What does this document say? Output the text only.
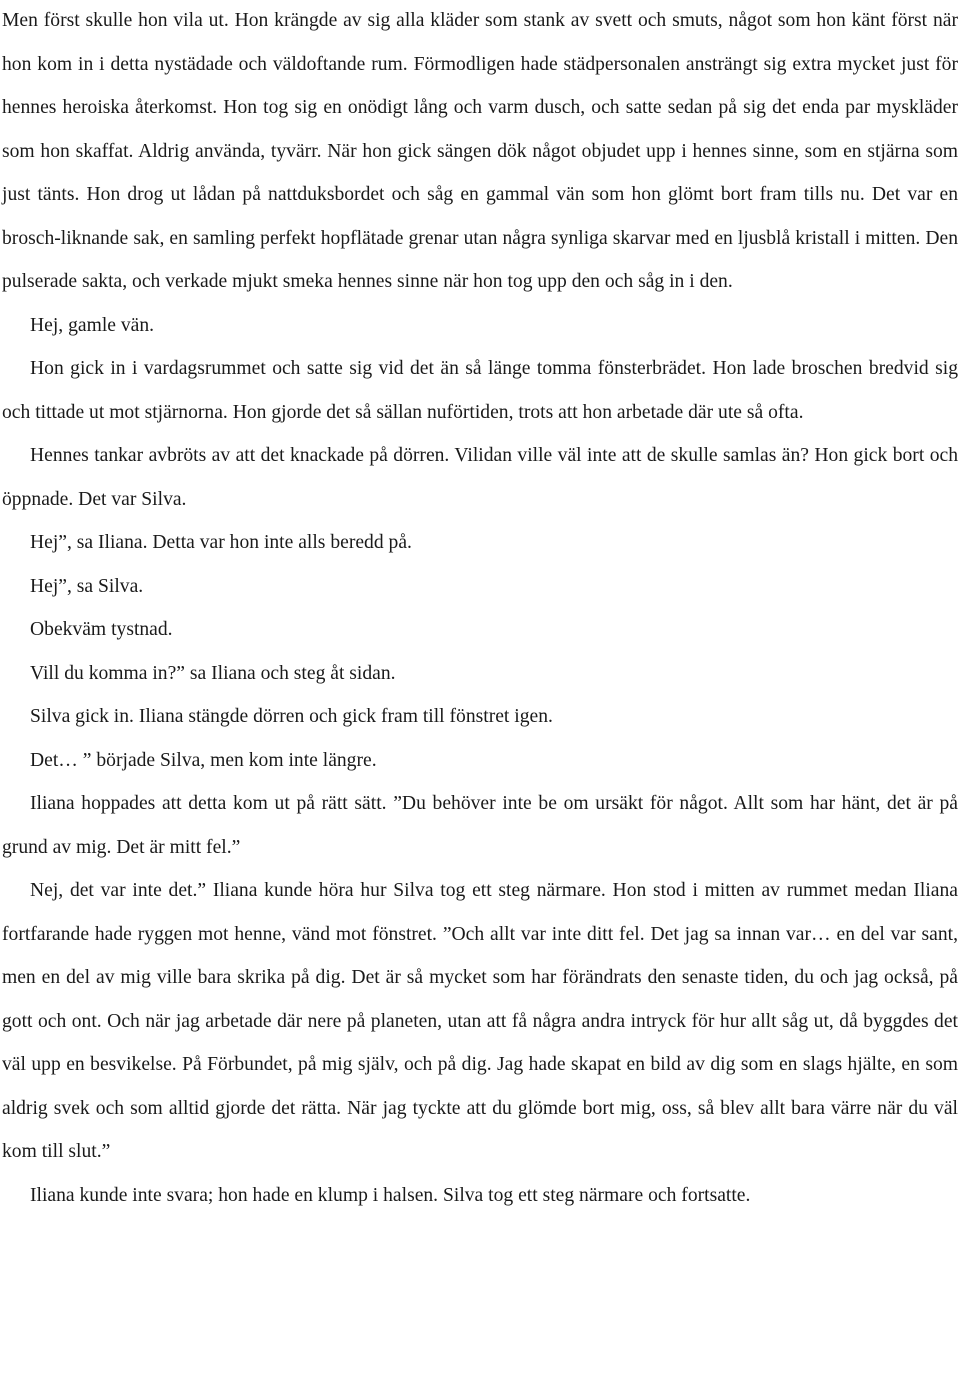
Men först skulle hon vila ut. Hon krängde av sig alla kläder som stank av svett och smuts, något som hon känt först när hon kom in i detta nystädade och väldoftande rum. Förmodligen hade städpersonalen ansträngt sig extra mycket just för hennes heroiska återkomst. Hon tog sig en onödigt lång och varm dusch, och satte sedan på sig det enda par myskläder som hon skaffat. Aldrig använda, tyvärr. När hon gick sängen dök något objudet upp i hennes sinne, som en stjärna som just tänts. Hon drog ut lådan på nattduksbordet och såg en gammal vän som hon glömt bort fram tills nu. Det var en brosch-liknande sak, en samling perfekt hopflätade grenar utan några synliga skarvar med en ljusblå kristall i mitten. Den pulserade sakta, och verkade mjukt smeka hennes sinne när hon tog upp den och såg in i den.

Hej, gamle vän.

Hon gick in i vardagsrummet och satte sig vid det än så länge tomma fönsterbrädet. Hon lade broschen bredvid sig och tittade ut mot stjärnorna. Hon gjorde det så sällan nuförtiden, trots att hon arbetade där ute så ofta.

Hennes tankar avbröts av att det knackade på dörren. Vilidan ville väl inte att de skulle samlas än? Hon gick bort och öppnade. Det var Silva.

Hej”, sa Iliana. Detta var hon inte alls beredd på.

Hej”, sa Silva.

Obekväm tystnad.

Vill du komma in?” sa Iliana och steg åt sidan.

Silva gick in. Iliana stängde dörren och gick fram till fönstret igen.

Det… ” började Silva, men kom inte längre.

Iliana hoppades att detta kom ut på rätt sätt. ”Du behöver inte be om ursäkt för något. Allt som har hänt, det är på grund av mig. Det är mitt fel.”

Nej, det var inte det.” Iliana kunde höra hur Silva tog ett steg närmare. Hon stod i mitten av rummet medan Iliana fortfarande hade ryggen mot henne, vänd mot fönstret. ”Och allt var inte ditt fel. Det jag sa innan var… en del var sant, men en del av mig ville bara skrika på dig. Det är så mycket som har förändrats den senaste tiden, du och jag också, på gott och ont. Och när jag arbetade där nere på planeten, utan att få några andra intryck för hur allt såg ut, då byggdes det väl upp en besvikelse. På Förbundet, på mig själv, och på dig. Jag hade skapat en bild av dig som en slags hjälte, en som aldrig svek och som alltid gjorde det rätta. När jag tyckte att du glömde bort mig, oss, så blev allt bara värre när du väl kom till slut.”

Iliana kunde inte svara; hon hade en klump i halsen. Silva tog ett steg närmare och fortsatte.
